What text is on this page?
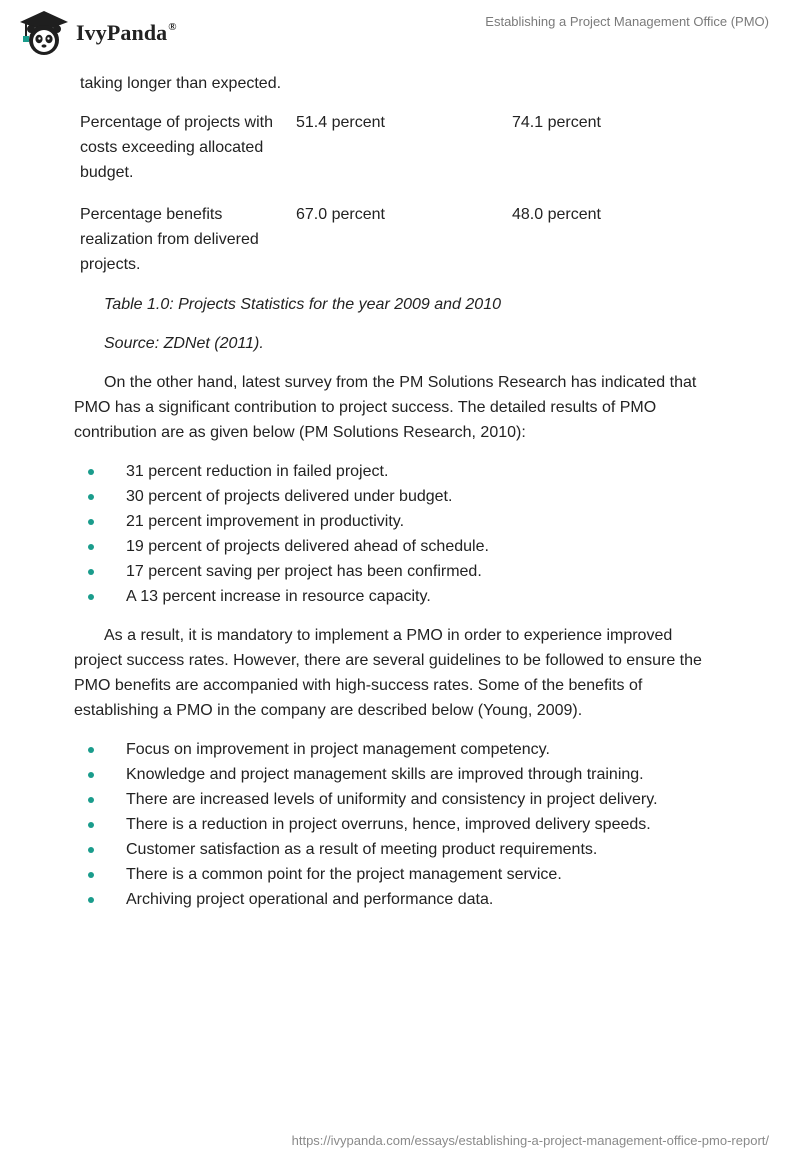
IvyPanda®	Establishing a Project Management Office (PMO)
taking longer than expected.		
Percentage of projects with costs exceeding allocated budget.	51.4 percent	74.1 percent
Percentage benefits realization from delivered projects.	67.0 percent	48.0 percent

Table 1.0: Projects Statistics for the year 2009 and 2010

Source: ZDNet (2011).

On the other hand, latest survey from the PM Solutions Research has indicated that PMO has a significant contribution to project success. The detailed results of PMO contribution are as given below (PM Solutions Research, 2010):

31 percent reduction in failed project.
30 percent of projects delivered under budget.
21 percent improvement in productivity.
19 percent of projects delivered ahead of schedule.
17 percent saving per project has been confirmed.
A 13 percent increase in resource capacity.

As a result, it is mandatory to implement a PMO in order to experience improved project success rates. However, there are several guidelines to be followed to ensure the PMO benefits are accompanied with high-success rates. Some of the benefits of establishing a PMO in the company are described below (Young, 2009).

Focus on improvement in project management competency.
Knowledge and project management skills are improved through training.
There are increased levels of uniformity and consistency in project delivery.
There is a reduction in project overruns, hence, improved delivery speeds.
Customer satisfaction as a result of meeting product requirements.
There is a common point for the project management service.
Archiving project operational and performance data.
https://ivypanda.com/essays/establishing-a-project-management-office-pmo-report/
